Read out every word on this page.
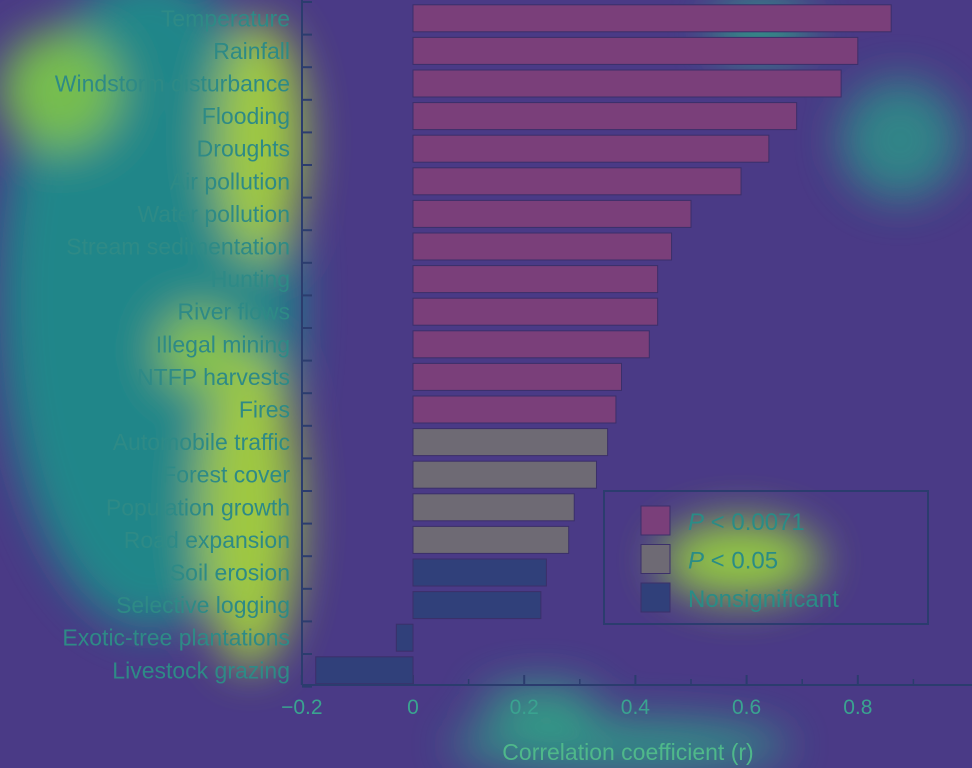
Temperature
Rainfall
Windstorm disturbance
Flooding
Droughts
Air pollution
Water pollution
Stream sedimentation
Hunting
River flows
Illegal mining
NTFP harvests
Fires
Automobile traffic
Forest cover
Population growth
Road expansion
Soil erosion
Selective logging
Exotic-tree plantations
Livestock grazing
−0.2	0	0.2	0.4	0.6	0.8
Correlation coefficient (r)
P < 0.0071
P < 0.05
Nonsignificant
